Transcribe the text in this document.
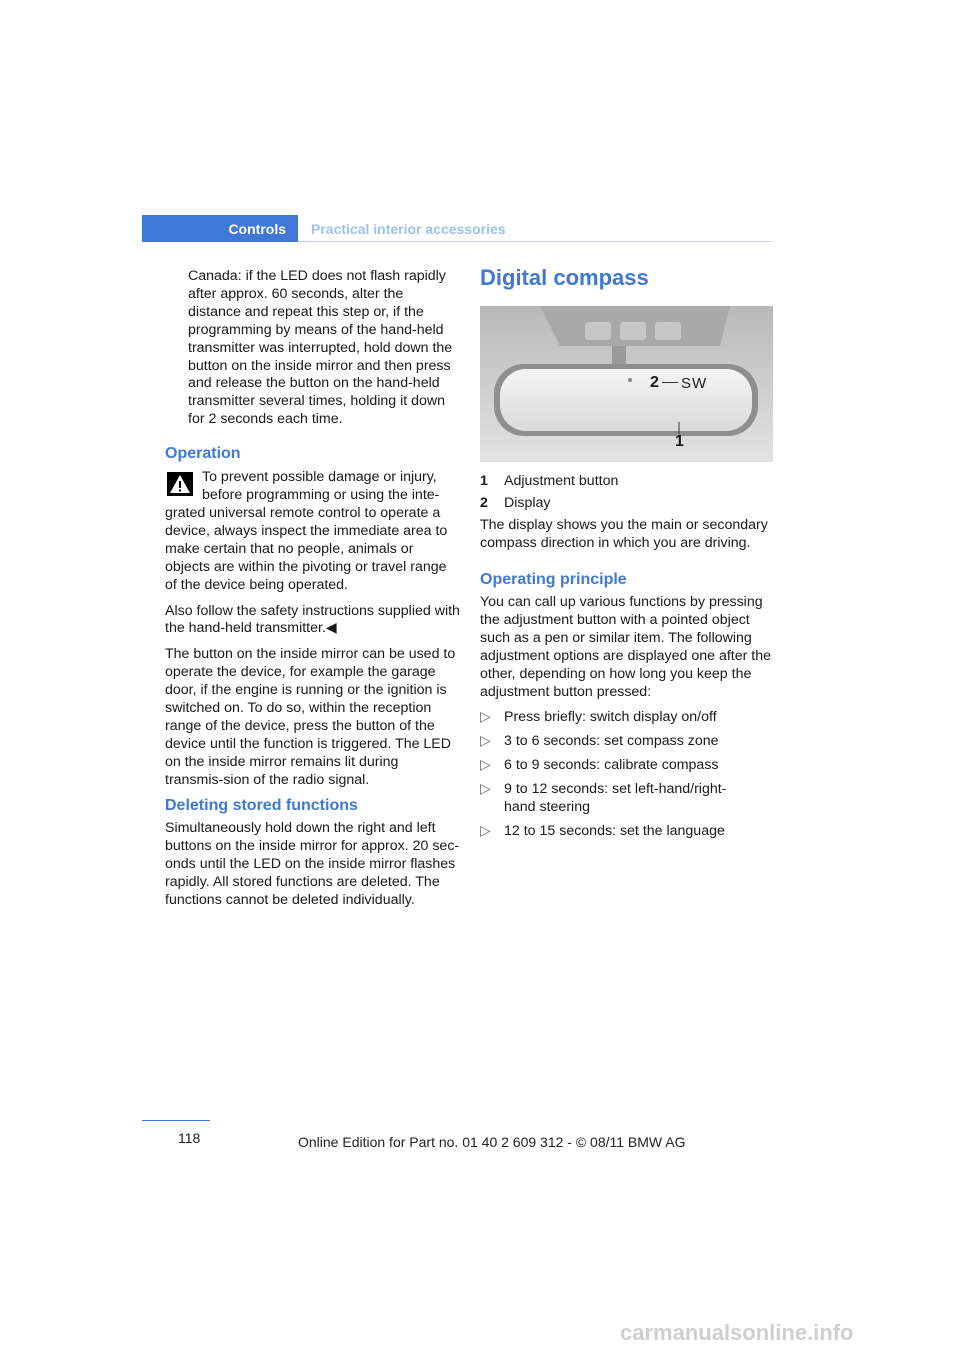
Controls Practical interior accessories

Canada: if the LED does not flash rapidly after approx. 60 seconds, alter the distance and repeat this step or, if the programming by means of the hand-held transmitter was interrupted, hold down the button on the inside mirror and then press and release the button on the hand-held transmitter several times, holding it down for 2 seconds each time.

Operation

To prevent possible damage or injury, before programming or using the inte-

grated universal remote control to operate a device, always inspect the immediate area to make certain that no people, animals or objects are within the pivoting or travel range of the device being operated.

Also follow the safety instructions supplied with the hand-held transmitter.◀

The button on the inside mirror can be used to operate the device, for example the garage door, if the engine is running or the ignition is switched on. To do so, within the reception range of the device, press the button of the device until the function is triggered. The LED on the inside mirror remains lit during transmis-sion of the radio signal.

Deleting stored functions

Simultaneously hold down the right and left buttons on the inside mirror for approx. 20 sec-onds until the LED on the inside mirror flashes rapidly. All stored functions are deleted. The functions cannot be deleted individually.

Digital compass

2 SW
1
1	Adjustment button
2	Display

The display shows you the main or secondary compass direction in which you are driving.

Operating principle

You can call up various functions by pressing the adjustment button with a pointed object such as a pen or similar item. The following adjustment options are displayed one after the other, depending on how long you keep the adjustment button pressed:

▷ Press briefly: switch display on/off
▷ 3 to 6 seconds: set compass zone
▷ 6 to 9 seconds: calibrate compass
▷ 9 to 12 seconds: set left-hand/right-hand steering
▷ 12 to 15 seconds: set the language
118	Online Edition for Part no. 01 40 2 609 312 - © 08/11 BMW AG
carmanualsonline.info
